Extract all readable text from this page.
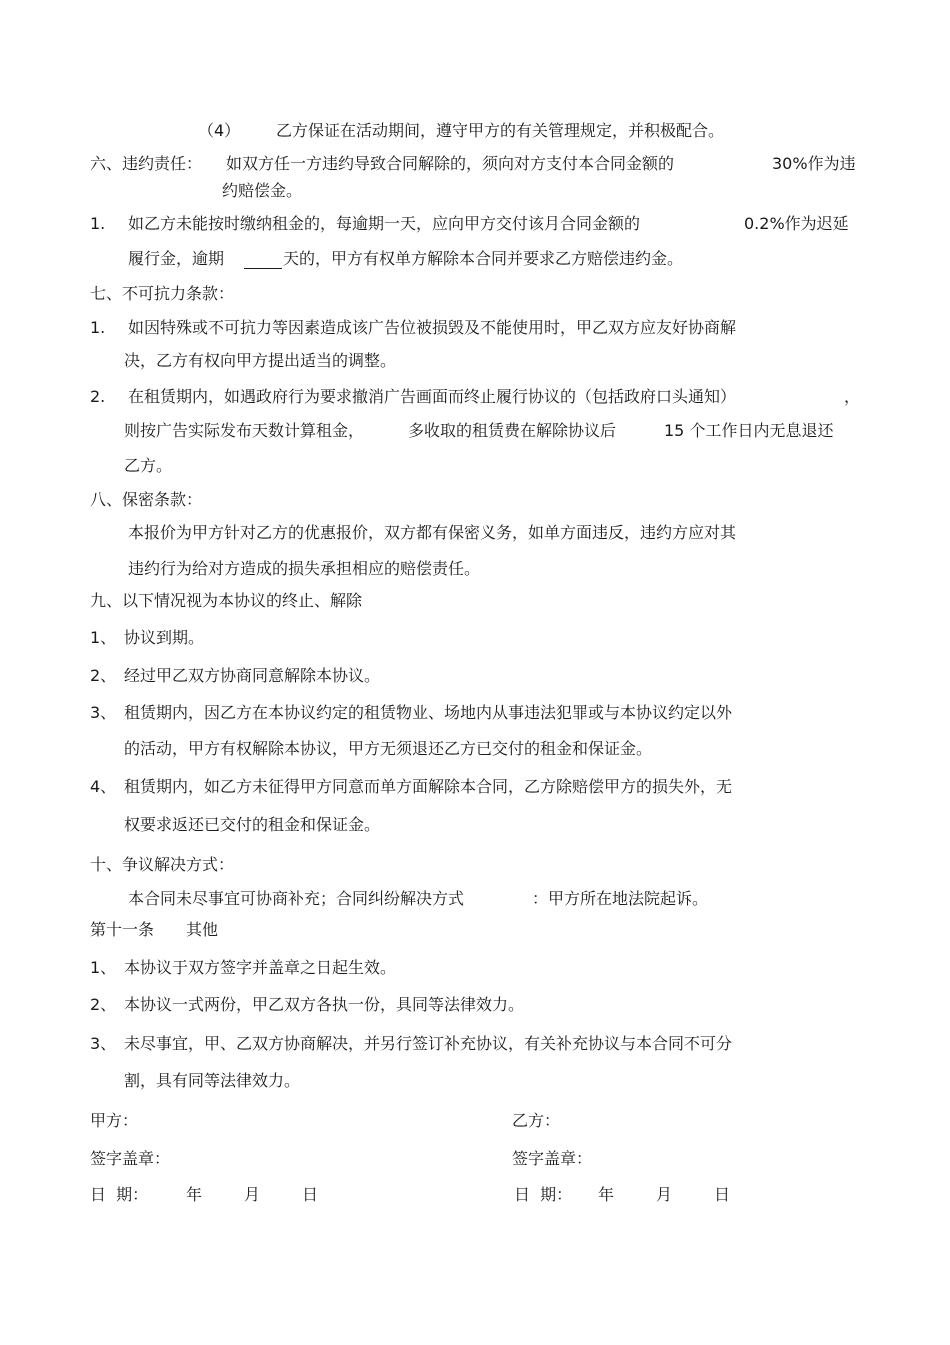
（4） 乙方保证在活动期间，遵守甲方的有关管理规定，并积极配合。
六、违约责任： 如双方任一方违约导致合同解除的，须向对方支付本合同金额的	30%作为违
约赔偿金。
1. 如乙方未能按时缴纳租金的，每逾期一天，应向甲方交付该月合同金额的	0.2%作为迟延
履行金，逾期	天的，甲方有权单方解除本合同并要求乙方赔偿违约金。
七、不可抗力条款：
1. 如因特殊或不可抗力等因素造成该广告位被损毁及不能使用时，甲乙双方应友好协商解
决，乙方有权向甲方提出适当的调整。
2. 在租赁期内，如遇政府行为要求撤消广告画面而终止履行协议的（包括政府口头通知）	，
则按广告实际发布天数计算租金，	多收取的租赁费在解除协议后	15 个工作日内无息退还
乙方。
八、保密条款：
本报价为甲方针对乙方的优惠报价，双方都有保密义务，如单方面违反，违约方应对其
违约行为给对方造成的损失承担相应的赔偿责任。
九、以下情况视为本协议的终止、解除
1、 协议到期。
2、 经过甲乙双方协商同意解除本协议。
3、 租赁期内，因乙方在本协议约定的租赁物业、场地内从事违法犯罪或与本协议约定以外
的活动，甲方有权解除本协议，甲方无须退还乙方已交付的租金和保证金。
4、 租赁期内，如乙方未征得甲方同意而单方面解除本合同，乙方除赔偿甲方的损失外，无
权要求返还已交付的租金和保证金。
十、争议解决方式：
本合同未尽事宜可协商补充；合同纠纷解决方式	：甲方所在地法院起诉。
第十一条 其他
1、 本协议于双方签字并盖章之日起生效。
2、 本协议一式两份，甲乙双方各执一份，具同等法律效力。
3、 未尽事宜，甲、乙双方协商解决，并另行签订补充协议，有关补充协议与本合同不可分
割，具有同等法律效力。
甲方：	乙方：
签字盖章：	签字盖章：
日  期： 年	月	日	日  期： 年	月	日
